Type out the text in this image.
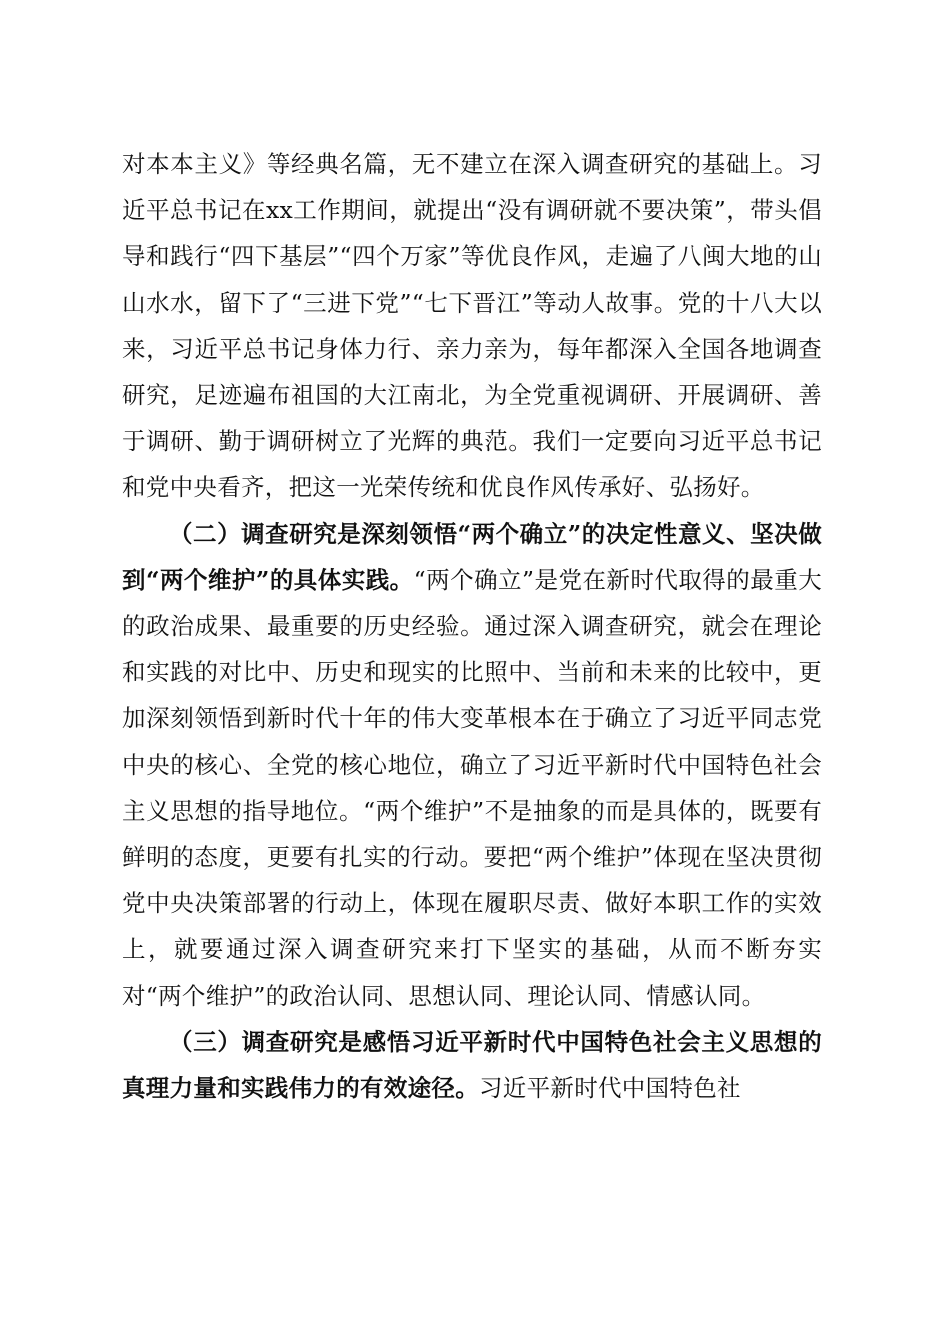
对本本主义》等经典名篇，无不建立在深入调查研究的基础上。习近平总书记在xx工作期间，就提出“没有调研就不要决策”，带头倡导和践行“四下基层”“四个万家”等优良作风，走遍了八闽大地的山山水水，留下了“三进下党”“七下晋江”等动人故事。党的十八大以来，习近平总书记身体力行、亲力亲为，每年都深入全国各地调查研究，足迹遍布祖国的大江南北，为全党重视调研、开展调研、善于调研、勤于调研树立了光辉的典范。我们一定要向习近平总书记和党中央看齐，把这一光荣传统和优良作风传承好、弘扬好。

（二）调查研究是深刻领悟“两个确立”的决定性意义、坚决做到“两个维护”的具体实践。“两个确立”是党在新时代取得的最重大的政治成果、最重要的历史经验。通过深入调查研究，就会在理论和实践的对比中、历史和现实的比照中、当前和未来的比较中，更加深刻领悟到新时代十年的伟大变革根本在于确立了习近平同志党中央的核心、全党的核心地位，确立了习近平新时代中国特色社会主义思想的指导地位。“两个维护”不是抽象的而是具体的，既要有鲜明的态度，更要有扎实的行动。要把“两个维护”体现在坚决贯彻党中央决策部署的行动上，体现在履职尽责、做好本职工作的实效上，就要通过深入调查研究来打下坚实的基础，从而不断夯实对“两个维护”的政治认同、思想认同、理论认同、情感认同。

（三）调查研究是感悟习近平新时代中国特色社会主义思想的真理力量和实践伟力的有效途径。习近平新时代中国特色社
